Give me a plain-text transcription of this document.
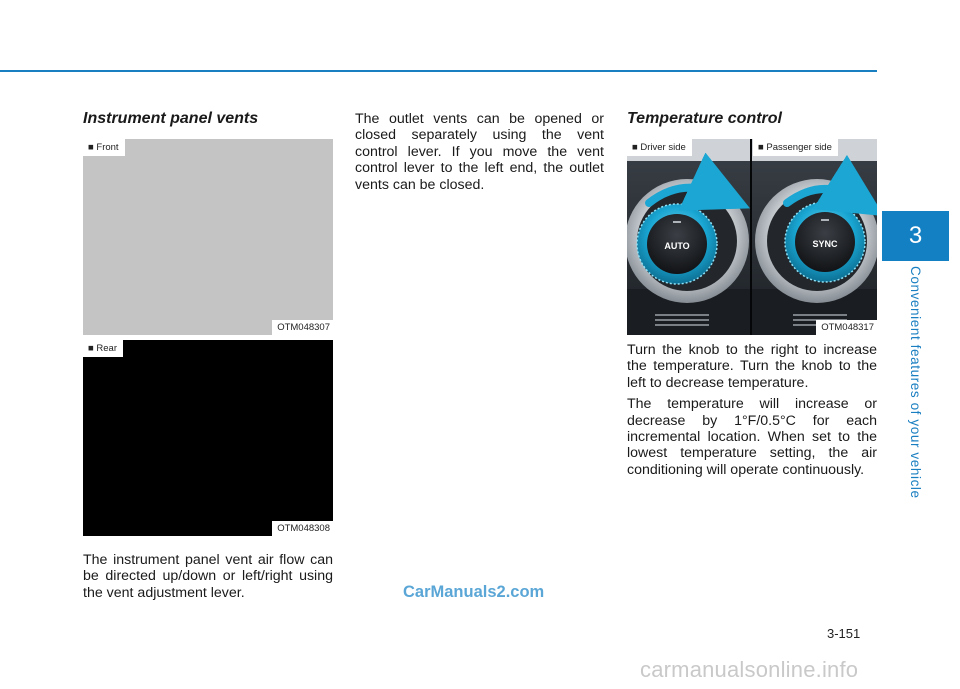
3
Convenient features of your vehicle
Instrument panel vents
■ Front
OTM048307
■ Rear
OTM048308
The instrument panel vent air flow can be directed up/down or left/right using the vent adjustment lever.
The outlet vents can be opened or closed separately using the vent control lever. If you move the vent control lever to the left end, the outlet vents can be closed.
Temperature control
AUTO	SYNC
■ Driver side	■ Passenger side
OTM048317
Turn the knob to the right to increase the temperature. Turn the knob to the left to decrease temperature.
The temperature will increase or decrease by 1°F/0.5°C for each incremental location. When set to the lowest temperature setting, the air conditioning will operate continuously.
CarManuals2.com
3-151
carmanualsonline.info
